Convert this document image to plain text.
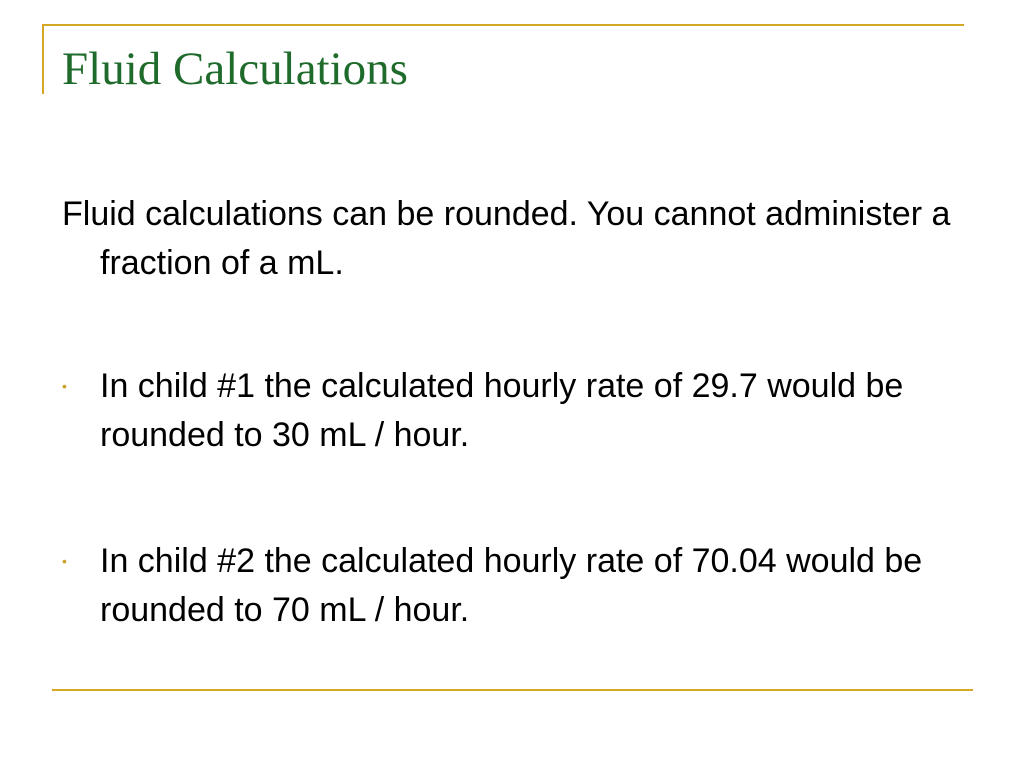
Fluid Calculations

Fluid calculations can be rounded. You cannot administer a fraction of a mL.

• In child #1 the calculated hourly rate of 29.7 would be rounded to 30 mL / hour.
• In child #2 the calculated hourly rate of 70.04 would be rounded to 70 mL / hour.
